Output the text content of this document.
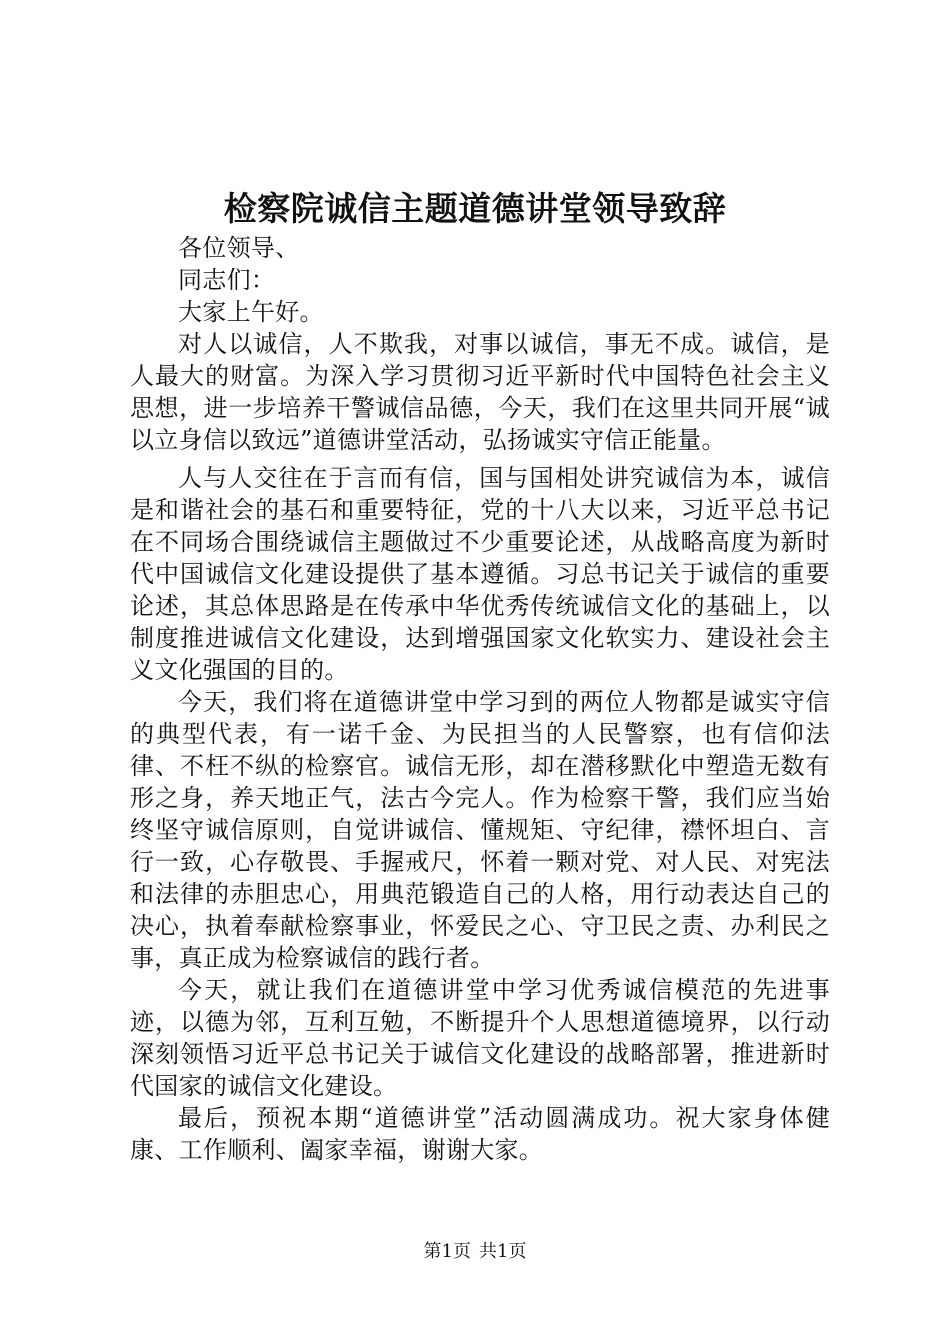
检察院诚信主题道德讲堂领导致辞

各位领导、

同志们：

大家上午好。

对人以诚信，人不欺我，对事以诚信，事无不成。诚信，是人最大的财富。为深入学习贯彻习近平新时代中国特色社会主义思想，进一步培养干警诚信品德，今天，我们在这里共同开展“诚以立身信以致远”道德讲堂活动，弘扬诚实守信正能量。

人与人交往在于言而有信，国与国相处讲究诚信为本，诚信是和谐社会的基石和重要特征，党的十八大以来，习近平总书记在不同场合围绕诚信主题做过不少重要论述，从战略高度为新时代中国诚信文化建设提供了基本遵循。习总书记关于诚信的重要论述，其总体思路是在传承中华优秀传统诚信文化的基础上，以制度推进诚信文化建设，达到增强国家文化软实力、建设社会主义文化强国的目的。

今天，我们将在道德讲堂中学习到的两位人物都是诚实守信的典型代表，有一诺千金、为民担当的人民警察，也有信仰法律、不枉不纵的检察官。诚信无形，却在潜移默化中塑造无数有形之身，养天地正气，法古今完人。作为检察干警，我们应当始终坚守诚信原则，自觉讲诚信、懂规矩、守纪律，襟怀坦白、言行一致，心存敬畏、手握戒尺，怀着一颗对党、对人民、对宪法和法律的赤胆忠心，用典范锻造自己的人格，用行动表达自己的决心，执着奉献检察事业，怀爱民之心、守卫民之责、办利民之事，真正成为检察诚信的践行者。

今天，就让我们在道德讲堂中学习优秀诚信模范的先进事迹，以德为邻，互利互勉，不断提升个人思想道德境界，以行动深刻领悟习近平总书记关于诚信文化建设的战略部署，推进新时代国家的诚信文化建设。

最后，预祝本期“道德讲堂”活动圆满成功。祝大家身体健康、工作顺利、阖家幸福，谢谢大家。

第1页 共1页
